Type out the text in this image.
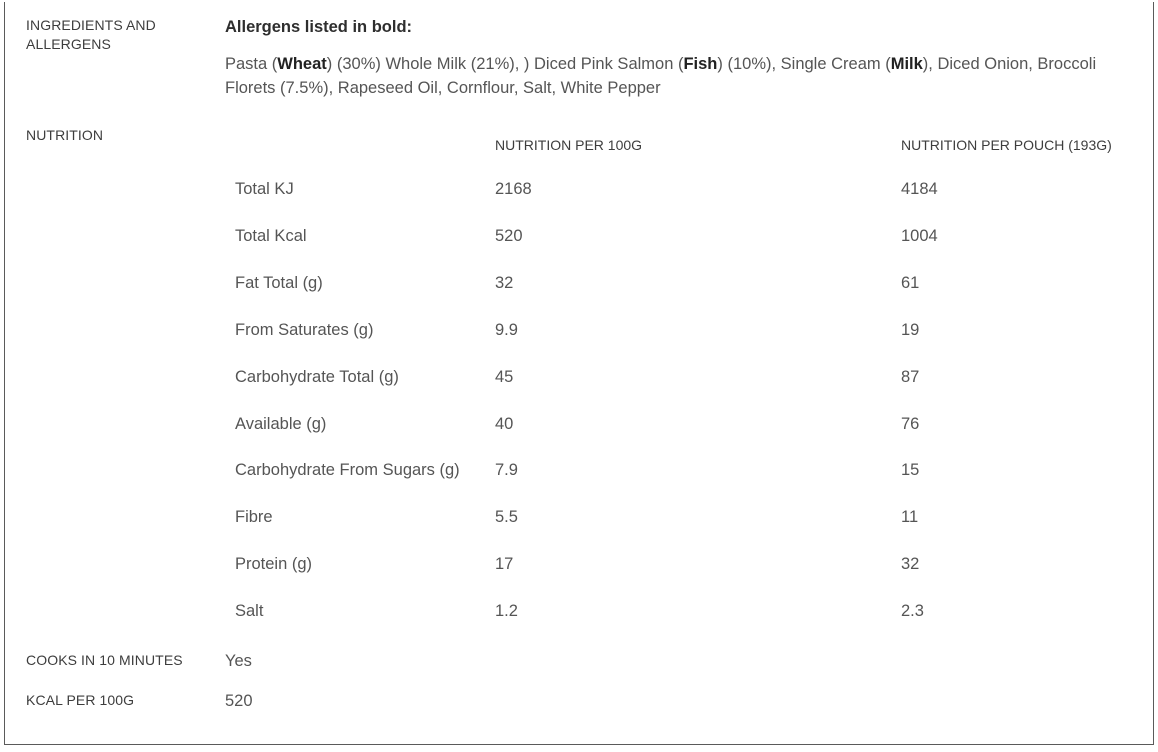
INGREDIENTS AND ALLERGENS
Allergens listed in bold:
Pasta (Wheat) (30%) Whole Milk (21%), ) Diced Pink Salmon (Fish) (10%), Single Cream (Milk), Diced Onion, Broccoli Florets (7.5%), Rapeseed Oil, Cornflour, Salt, White Pepper
NUTRITION
NUTRITION PER 100G	NUTRITION PER POUCH (193G)
Total KJ	2168	4184
Total Kcal	520	1004
Fat Total (g)	32	61
From Saturates (g)	9.9	19
Carbohydrate Total (g)	45	87
Available (g)	40	76
Carbohydrate From Sugars (g) 7.9	15
Fibre	5.5	11
Protein (g)	17	32
Salt	1.2	2.3
COOKS IN 10 MINUTES	Yes
KCAL PER 100G	520
